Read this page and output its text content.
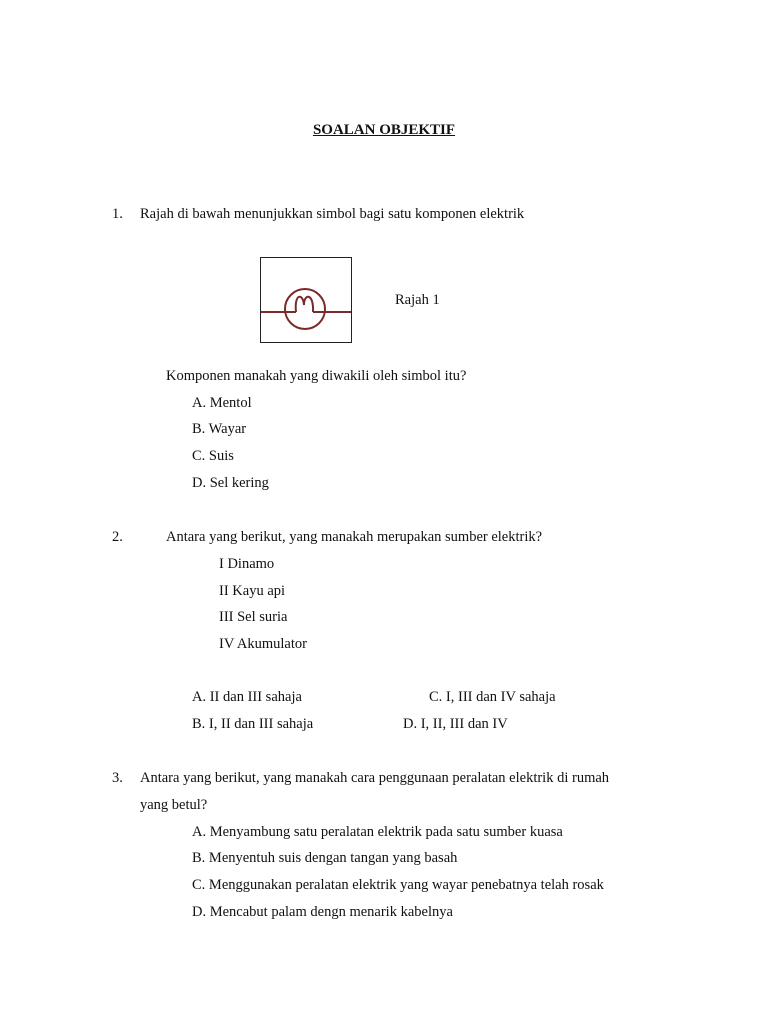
SOALAN OBJEKTIF
1. Rajah di bawah menunjukkan simbol bagi satu komponen elektrik
Rajah 1
Komponen manakah yang diwakili oleh simbol itu?
A. Mentol
B. Wayar
C. Suis
D. Sel kering
2.	Antara yang berikut, yang manakah merupakan sumber elektrik?
I Dinamo
II Kayu api
III Sel suria
IV Akumulator
A. II dan III sahaja	C. I, III dan IV sahaja
B. I, II dan III sahaja	D. I, II, III dan IV
3. Antara yang berikut, yang manakah cara penggunaan peralatan elektrik di rumah
yang betul?
A. Menyambung satu peralatan elektrik pada satu sumber kuasa
B. Menyentuh suis dengan tangan yang basah
C. Menggunakan peralatan elektrik yang wayar penebatnya telah rosak
D. Mencabut palam dengn menarik kabelnya
